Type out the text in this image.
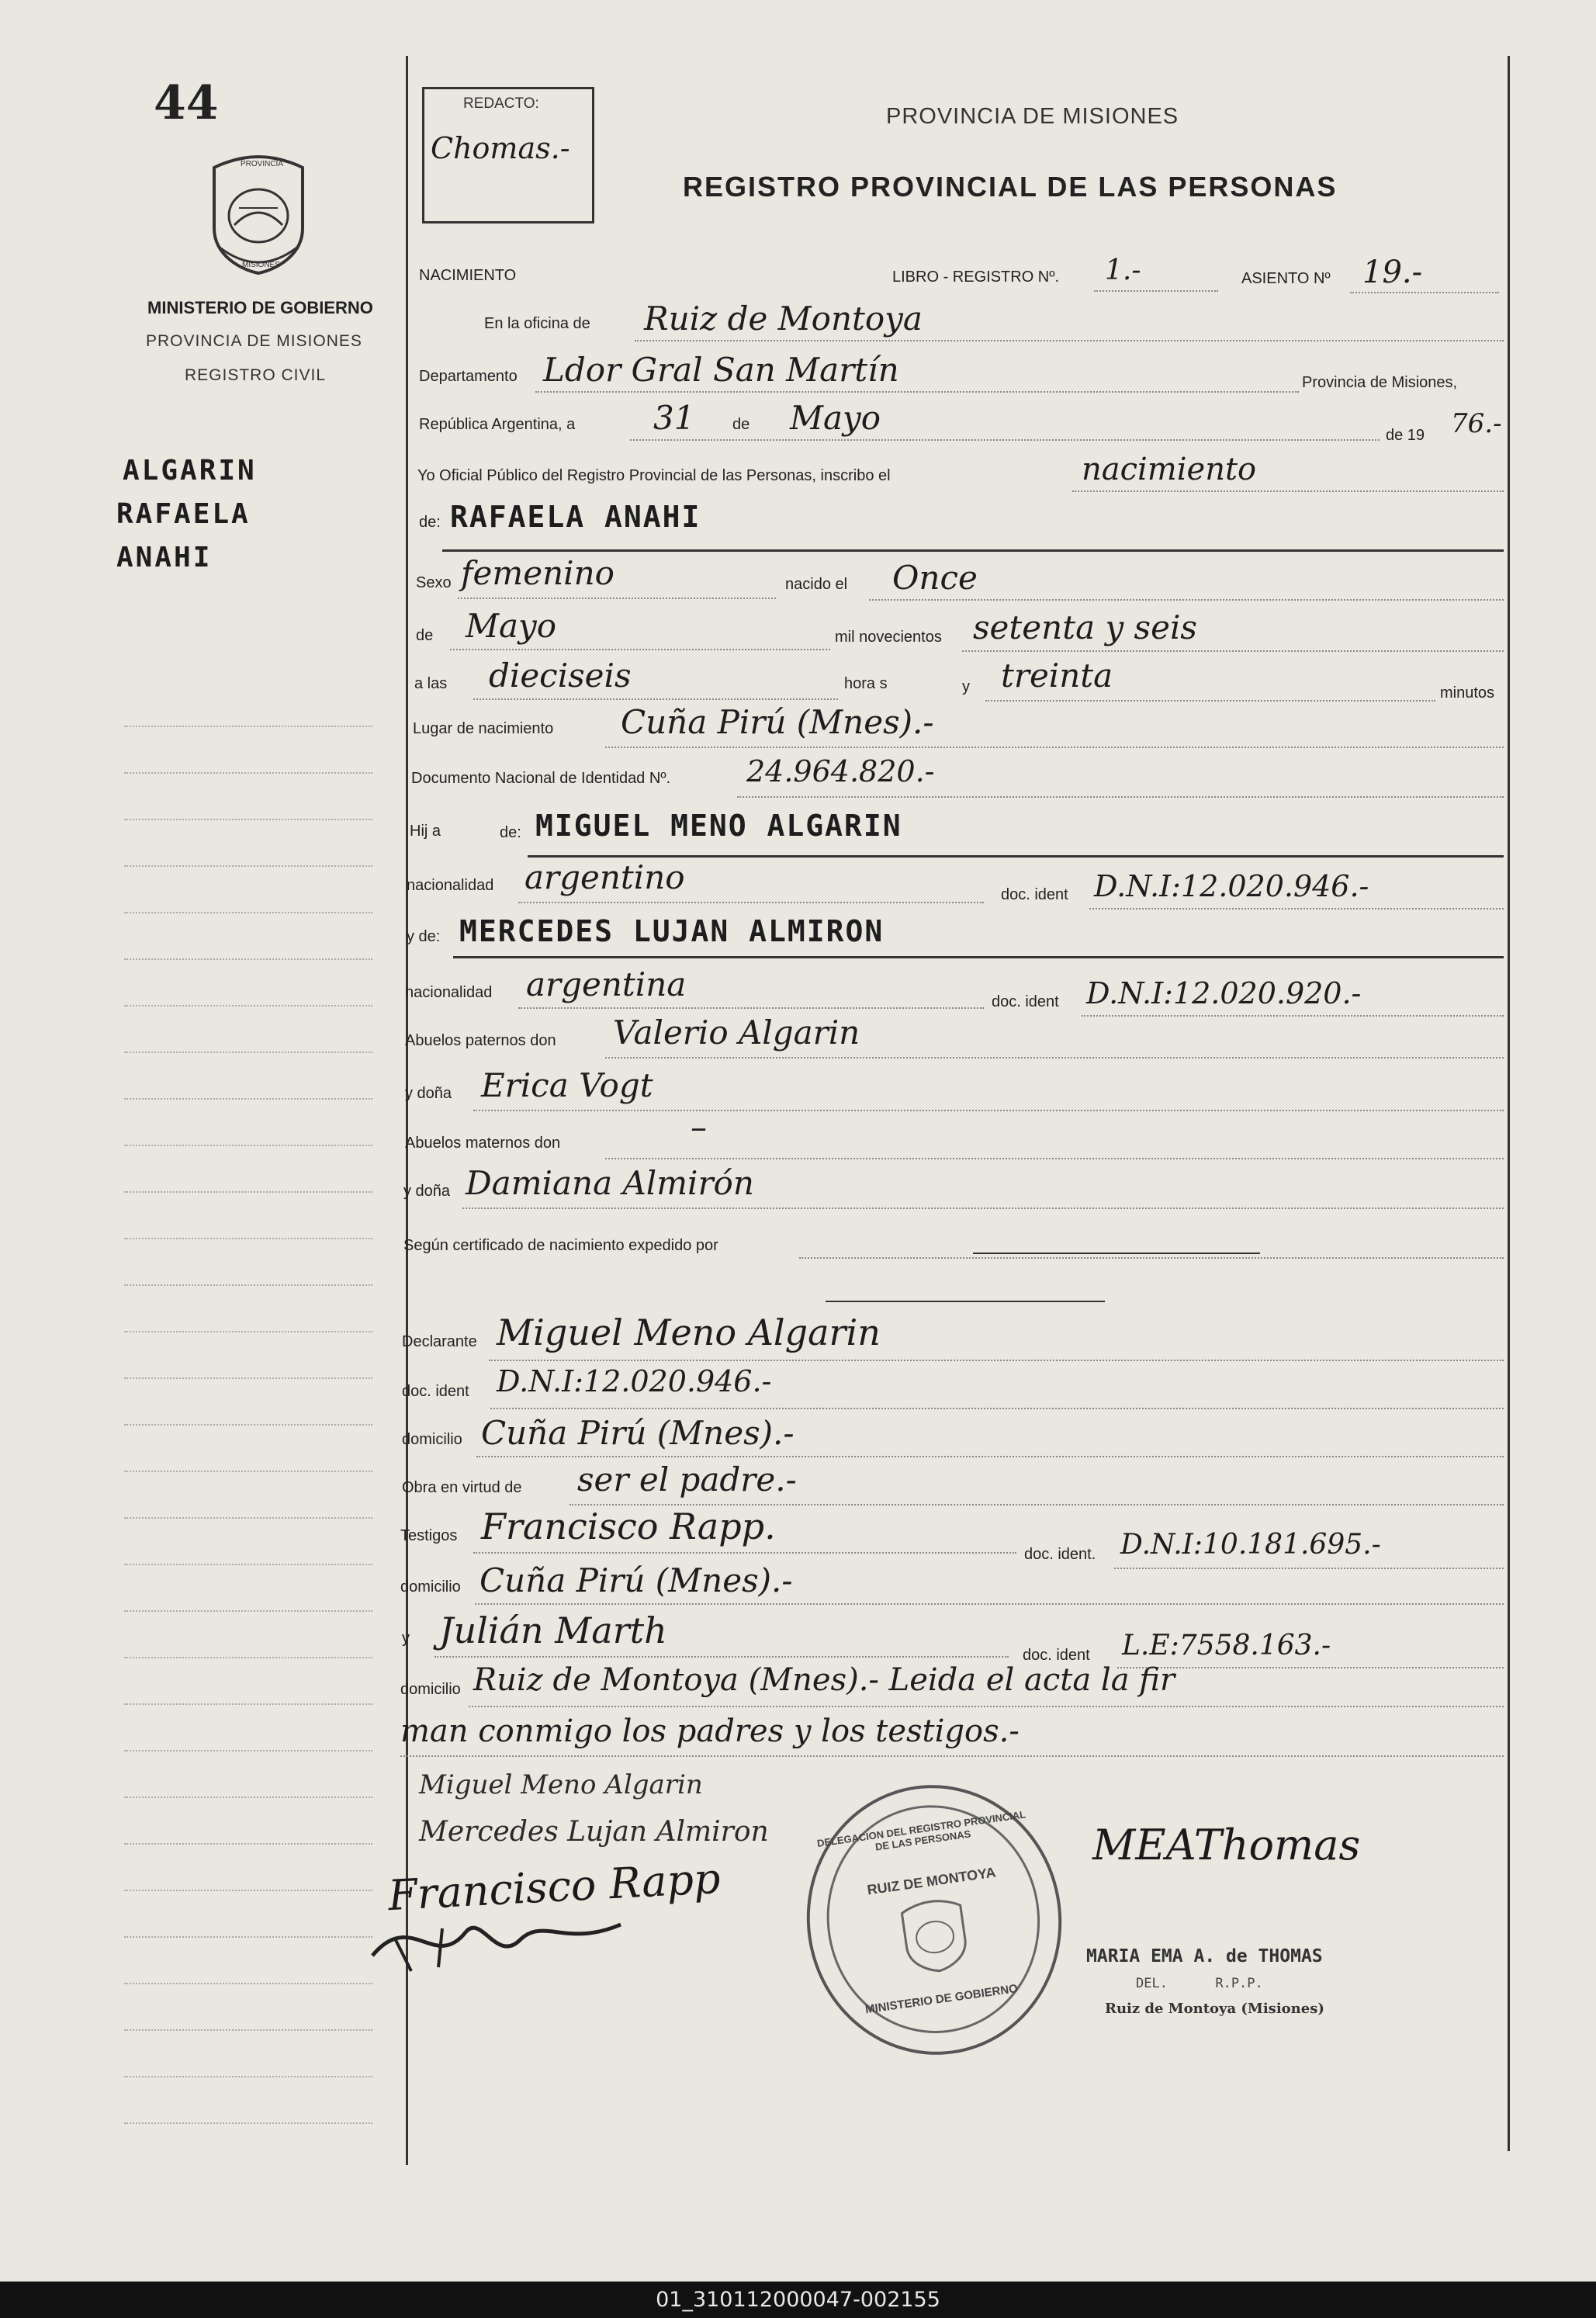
44
PROVINCIA
MISIONES
MINISTERIO DE GOBIERNO
PROVINCIA DE MISIONES
REGISTRO CIVIL
ALGARIN
RAFAELA
ANAHI
REDACTO:
Chomas.-
PROVINCIA DE MISIONES
REGISTRO PROVINCIAL DE LAS PERSONAS
NACIMIENTO	LIBRO - REGISTRO Nº. 1.-	ASIENTO Nº 19.-
En la oficina de Ruiz de Montoya
Departamento Ldor Gral San Martín	Provincia de Misiones,
República Argentina, a 31 de Mayo	de 19 76.-
Yo Oficial Público del Registro Provincial de las Personas, inscribo el	nacimiento
de: RAFAELA ANAHI
Sexo femenino	nacido el Once
de Mayo	mil novecientos setenta y seis
a las dieciseis	hora s	y treinta	minutos
Lugar de nacimiento Cuña Pirú (Mnes).-
Documento Nacional de Identidad Nº.	24.964.820.-
Hij a	de: MIGUEL MENO ALGARIN
nacionalidad argentino	doc. ident D.N.I:12.020.946.-
y de: MERCEDES LUJAN ALMIRON
nacionalidad argentina	doc. ident D.N.I:12.020.920.-
Abuelos paternos don Valerio Algarin
y doña Erica Vogt
Abuelos maternos don	–
y doña Damiana Almirón
Según certificado de nacimiento expedido por
Declarante Miguel Meno Algarin
doc. ident D.N.I:12.020.946.-
domicilio Cuña Pirú (Mnes).-
Obra en virtud de ser el padre.-
Testigos Francisco Rapp.
doc. ident. D.N.I:10.181.695.-
domicilio Cuña Pirú (Mnes).-
y Julián Marth
doc. ident L.E:7558.163.-
domicilio Ruiz de Montoya (Mnes).- Leida el acta la fir
man conmigo los padres y los testigos.-
Miguel Meno Algarin
Mercedes Lujan Almiron
Francisco Rapp
MEAThomas
DELEGACION DEL REGISTRO PROVINCIAL DE LAS PERSONAS
RUIZ DE MONTOYA
MINISTERIO DE GOBIERNO
MARIA EMA A. de THOMAS
DEL.      R.P.P.
Ruiz de Montoya (Misiones)
01_310112000047-002155
